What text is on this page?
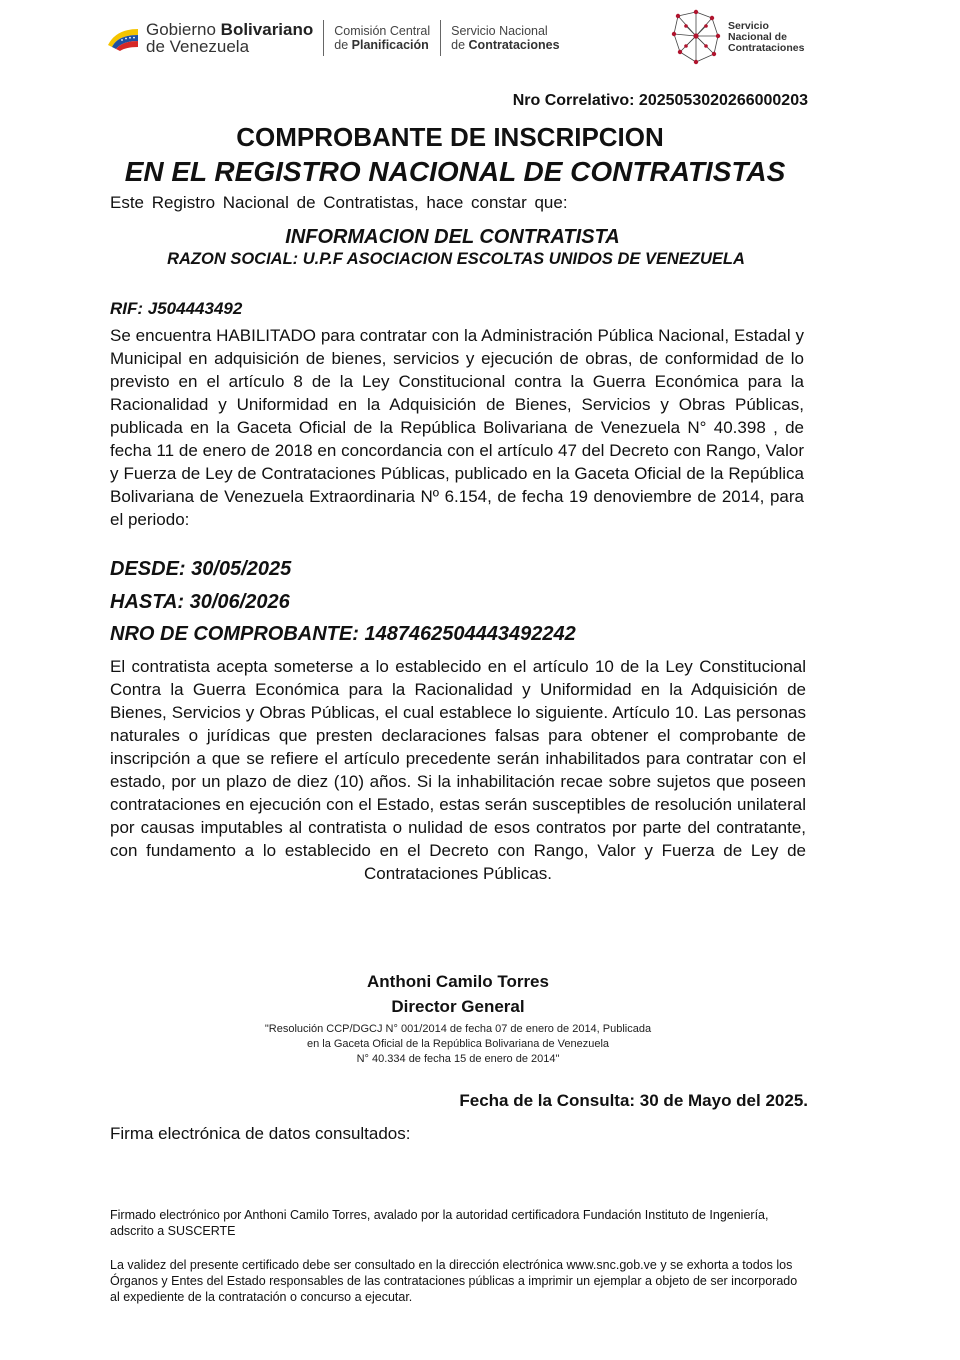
Gobierno Bolivariano
de Venezuela
Comisión Central
de Planificación
Servicio Nacional
de Contrataciones
Servicio
Nacional de
Contrataciones
Nro Correlativo: 2025053020266000203
COMPROBANTE DE INSCRIPCION
EN EL REGISTRO NACIONAL DE CONTRATISTAS
Este Registro Nacional de Contratistas, hace constar que:
INFORMACION DEL CONTRATISTA
RAZON SOCIAL: U.P.F ASOCIACION ESCOLTAS UNIDOS DE VENEZUELA
RIF: J504443492
Se encuentra HABILITADO para contratar con la Administración Pública Nacional, Estadal y Municipal en adquisición de bienes, servicios y ejecución de obras, de conformidad de lo previsto en el artículo 8 de la Ley Constitucional contra la Guerra Económica para la Racionalidad y Uniformidad en la Adquisición de Bienes, Servicios y Obras Públicas, publicada en la Gaceta Oficial de la República Bolivariana de Venezuela N° 40.398 , de fecha 11 de enero de 2018 en concordancia con el artículo 47 del Decreto con Rango, Valor y Fuerza de Ley de Contrataciones Públicas, publicado en la Gaceta Oficial de la República Bolivariana de Venezuela Extraordinaria Nº 6.154, de fecha 19 denoviembre de 2014, para el periodo:
DESDE: 30/05/2025
HASTA: 30/06/2026
NRO DE COMPROBANTE: 1487462504443492242
El contratista acepta someterse a lo establecido en el artículo 10 de la Ley Constitucional Contra la Guerra Económica para la Racionalidad y Uniformidad en la Adquisición de Bienes, Servicios y Obras Públicas, el cual establece lo siguiente. Artículo 10. Las personas naturales o jurídicas que presten declaraciones falsas para obtener el comprobante de inscripción a que se refiere el artículo precedente serán inhabilitados para contratar con el estado, por un plazo de diez (10) años. Si la inhabilitación recae sobre sujetos que poseen contrataciones en ejecución con el Estado, estas serán susceptibles de resolución unilateral por causas imputables al contratista o nulidad de esos contratos por parte del contratante, con fundamento a lo establecido en el Decreto con Rango, Valor y Fuerza de Ley de Contrataciones Públicas.
Anthoni Camilo Torres
Director General
"Resolución CCP/DGCJ N° 001/2014 de fecha 07 de enero de 2014, Publicada
en la Gaceta Oficial de la República Bolivariana de Venezuela
N° 40.334 de fecha 15 de enero de 2014"
Fecha de la Consulta: 30 de Mayo del 2025.
Firma electrónica de datos consultados:
Firmado electrónico por Anthoni Camilo Torres, avalado por la autoridad certificadora Fundación Instituto de Ingeniería, adscrito a SUSCERTE
La validez del presente certificado debe ser consultado en la dirección electrónica www.snc.gob.ve y se exhorta a todos los Órganos y Entes del Estado responsables de las contrataciones públicas a imprimir un ejemplar a objeto de ser incorporado al expediente de la contratación o concurso a ejecutar.
